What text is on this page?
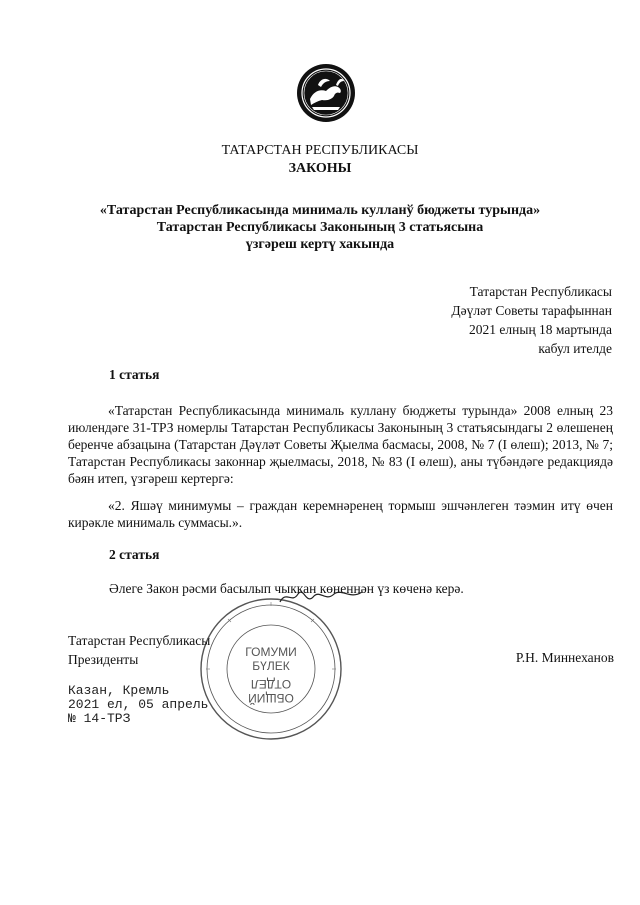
ТАТАРСТАН РЕСПУБЛИКАСЫ
ЗАКОНЫ
«Татарстан Республикасында минималь кулланў бюджеты турында»
Татарстан Республикасы Законының 3 статьясына
үзгәреш кертү хакында
Татарстан Республикасы
Дәүләт Советы тарафыннан
2021 елның 18 мартында
кабул ителде
1 статья

«Татарстан Республикасында минималь куллану бюджеты турында» 2008 елның 23 июлендәге 31-ТРЗ номерлы Татарстан Республикасы Законының 3 статьясындагы 2 өлешенең беренче абзацына (Татарстан Дәүләт Советы Җыелма басмасы, 2008, № 7 (I өлеш); 2013, № 7; Татарстан Республикасы законнар җыелмасы, 2018, № 83 (I өлеш), аны түбәндәге редакциядә бәян итеп, үзгәреш кертергә:

«2. Яшәү минимумы – граждан керемнәренең тормыш эшчәнлеген тәэмин итү өчен кирәкле минималь суммасы.».

2 статья
Әлеге Закон рәсми басылып чыккан көненнән үз көченә керә.
ГОМУМИ
БҮЛЕК
ОТДЕЛ
ОБЩИЙ
Татарстан Республикасы
Президенты	Р.Н. Миннеханов
Казан, Кремль
2021 ел, 05 апрель
№ 14-ТРЗ
